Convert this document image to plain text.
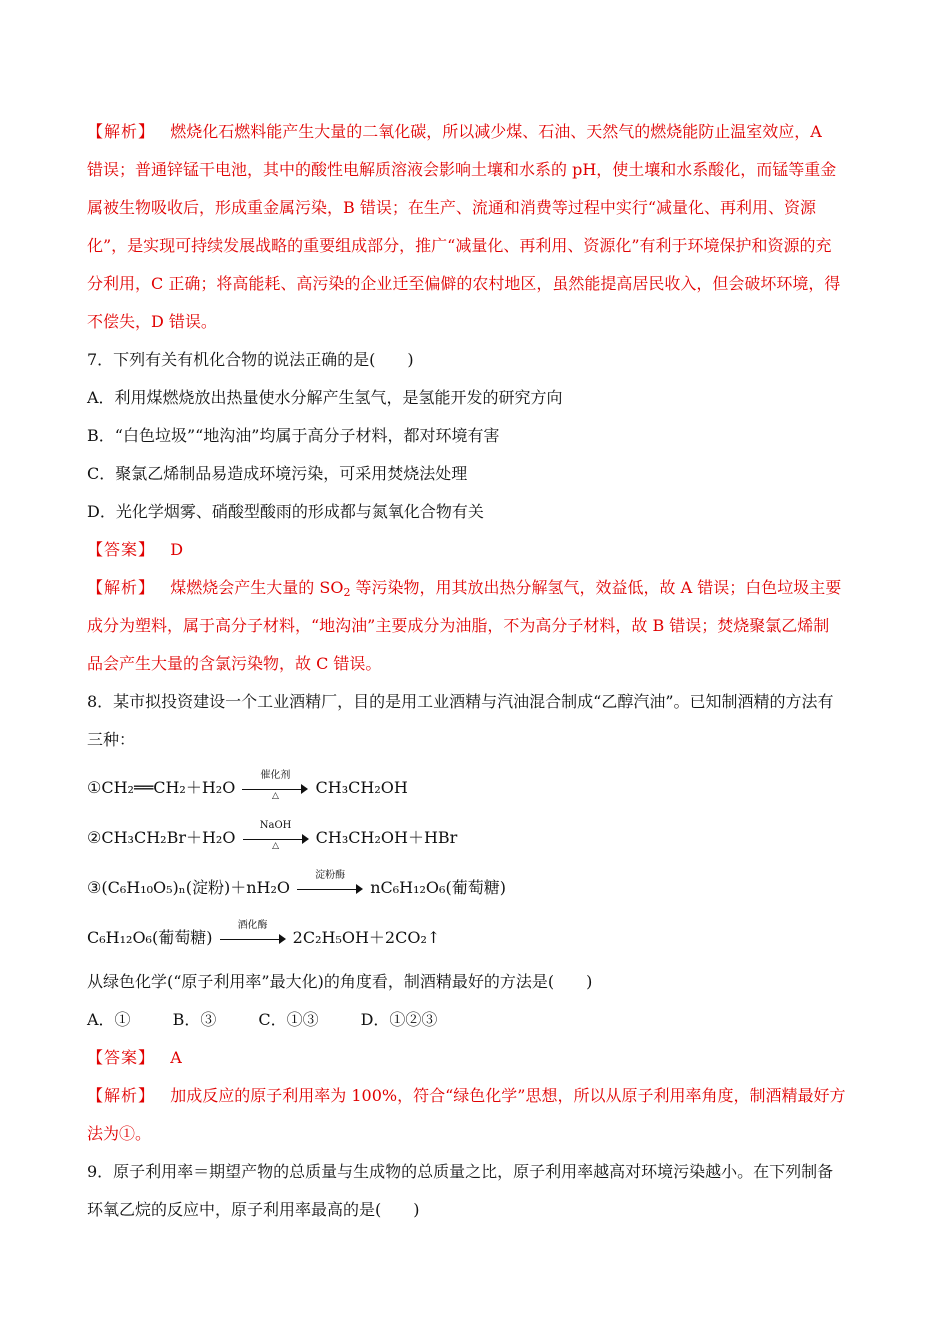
【解析】 燃烧化石燃料能产生大量的二氧化碳，所以减少煤、石油、天然气的燃烧能防止温室效应，A
错误；普通锌锰干电池，其中的酸性电解质溶液会影响土壤和水系的 pH，使土壤和水系酸化，而锰等重金
属被生物吸收后，形成重金属污染，B 错误；在生产、流通和消费等过程中实行“减量化、再利用、资源
化”，是实现可持续发展战略的重要组成部分，推广“减量化、再利用、资源化”有利于环境保护和资源的充
分利用，C 正确；将高能耗、高污染的企业迁至偏僻的农村地区，虽然能提高居民收入，但会破坏环境，得
不偿失，D 错误。
7．下列有关有机化合物的说法正确的是(　　)
A．利用煤燃烧放出热量使水分解产生氢气，是氢能开发的研究方向
B．“白色垃圾”“地沟油”均属于高分子材料，都对环境有害
C．聚氯乙烯制品易造成环境污染，可采用焚烧法处理
D．光化学烟雾、硝酸型酸雨的形成都与氮氧化合物有关
【答案】 D
【解析】 煤燃烧会产生大量的 $SO_2$ 等污染物，用其放出热分解氢气，效益低，故 A 错误；白色垃圾主要
成分为塑料，属于高分子材料，“地沟油”主要成分为油脂，不为高分子材料，故 B 错误；焚烧聚氯乙烯制
品会产生大量的含氯污染物，故 C 错误。
8．某市拟投资建设一个工业酒精厂，目的是用工业酒精与汽油混合制成“乙醇汽油”。已知制酒精的方法有
三种：
①CH₂══CH₂＋H₂O
催化剂
△	CH₃CH₂OH
②CH₃CH₂Br＋H₂O
NaOH
△	CH₃CH₂OH＋HBr
③(C₆H₁₀O₅)ₙ(淀粉)＋nH₂O
淀粉酶
nC₆H₁₂O₆(葡萄糖)
C₆H₁₂O₆(葡萄糖)
酒化酶
2C₂H₅OH＋2CO₂↑
从绿色化学(“原子利用率”最大化)的角度看，制酒精最好的方法是(　　)
A．①	B．③	C．①③	D．①②③
【答案】 A
【解析】 加成反应的原子利用率为 100%，符合“绿色化学”思想，所以从原子利用率角度，制酒精最好方
法为①。
9．原子利用率＝期望产物的总质量与生成物的总质量之比，原子利用率越高对环境污染越小。在下列制备
环氧乙烷的反应中，原子利用率最高的是(　　)
